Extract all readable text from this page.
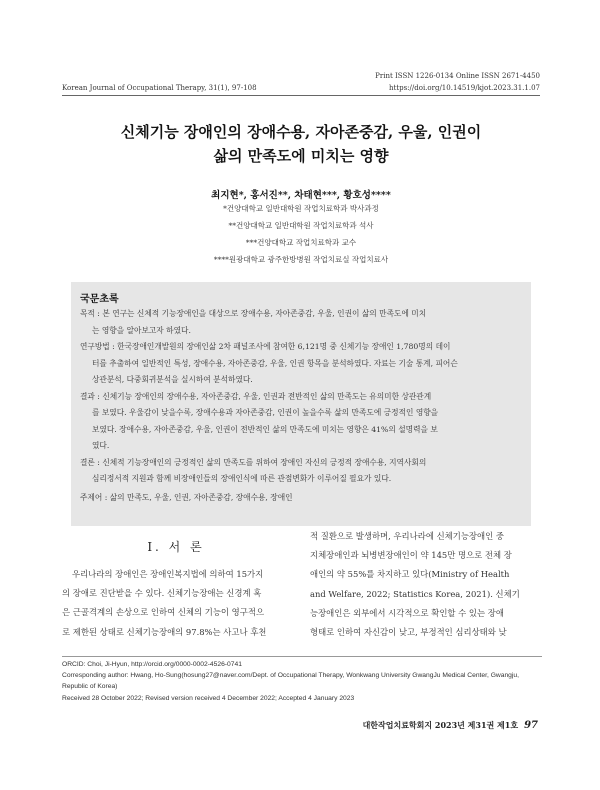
Print ISSN 1226-0134 Online ISSN 2671-4450
Korean Journal of Occupational Therapy, 31(1), 97-108	https://doi.org/10.14519/kjot.2023.31.1.07
신체기능 장애인의 장애수용, 자아존중감, 우울, 인권이
삶의 만족도에 미치는 영향
최지현*, 홍서진**, 차태현***, 황호성****
*건양대학교 일반대학원 작업치료학과 박사과정
**건양대학교 일반대학원 작업치료학과 석사
***건양대학교 작업치료학과 교수
****원광대학교 광주한방병원 작업치료실 작업치료사
국문초록

목적 : 본 연구는 신체적 기능장애인을 대상으로 장애수용, 자아존중감, 우울, 인권이 삶의 만족도에 미치

는 영향을 알아보고자 하였다.

연구방법 : 한국장애인개발원의 장애인삶 2차 패널조사에 참여한 6,121명 중 신체기능 장애인 1,780명의 데이

터를 추출하여 일반적인 특성, 장애수용, 자아존중감, 우울, 인권 항목을 분석하였다. 자료는 기술 통계, 피어슨

상관분석, 다중회귀분석을 실시하여 분석하였다.

결과 : 신체기능 장애인의 장애수용, 자아존중감, 우울, 인권과 전반적인 삶의 만족도는 유의미한 상관관계

를 보였다. 우울감이 낮을수록, 장애수용과 자아존중감, 인권이 높을수록 삶의 만족도에 긍정적인 영향을

보였다. 장애수용, 자아존중감, 우울, 인권이 전반적인 삶의 만족도에 미치는 영향은 41%의 설명력을 보

였다.

결론 : 신체적 기능장애인의 긍정적인 삶의 만족도를 위하여 장애인 자신의 긍정적 장애수용, 지역사회의

심리정서적 지원과 함께 비장애인들의 장애인식에 따른 관점변화가 이루어질 필요가 있다.

주제어 : 삶의 만족도, 우울, 인권, 자아존중감, 장애수용, 장애인
I. 서 론
우리나라의 장애인은 장애인복지법에 의하여 15가지
의 장애로 진단받을 수 있다. 신체기능장애는 신경계 혹
은 근골격계의 손상으로 인하여 신체의 기능이 영구적으
로 제한된 상태로 신체기능장애의 97.8%는 사고나 후천
적 질환으로 발생하며, 우리나라에 신체기능장애인 중
지체장애인과 뇌병변장애인이 약 145만 명으로 전체 장
애인의 약 55%를 차지하고 있다(Ministry of Health
and Welfare, 2022; Statistics Korea, 2021). 신체기
능장애인은 외부에서 시각적으로 확인할 수 있는 장애
형태로 인하여 자신감이 낮고, 부정적인 심리상태와 낮

ORCID: Choi, Ji-Hyun, http://orcid.org/0000-0002-4526-0741

Corresponding author: Hwang, Ho-Sung(hosung27@naver.com/Dept. of Occupational Therapy, Wonkwang University GwangJu Medical Center, Gwangju, Republic of Korea)

Received 28 October 2022; Revised version received 4 December 2022; Accepted 4 January 2023

대한작업치료학회지 2023년 제31권 제1호 97
